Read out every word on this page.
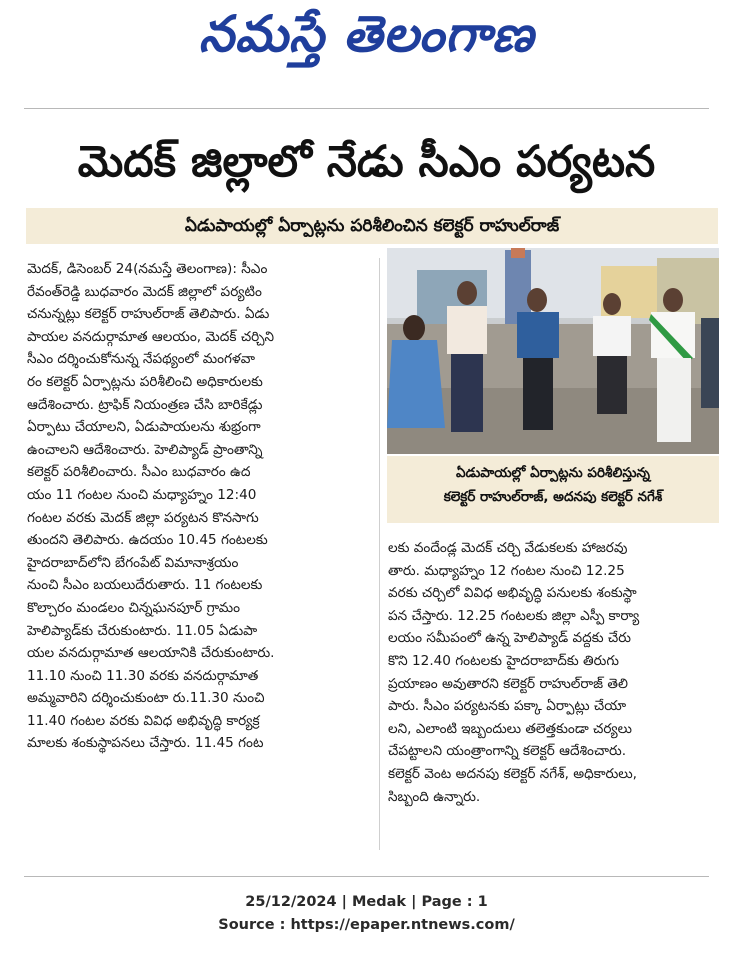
నమస్తే తెలంగాణ
మెదక్ జిల్లాలో నేడు సీఎం పర్యటన
ఏడుపాయల్లో ఏర్పాట్లను పరిశీలించిన కలెక్టర్ రాహుల్‌రాజ్
మెదక్, డిసెంబర్ 24(నమస్తే తెలంగాణ): సీఎం
రేవంత్‌రెడ్డి బుధవారం మెదక్ జిల్లాలో పర్యటిం
చనున్నట్లు కలెక్టర్ రాహుల్‌రాజ్ తెలిపారు. ఏడు
పాయల వనదుర్గామాత ఆలయం, మెదక్ చర్చిని
సీఎం దర్శించుకోనున్న నేపథ్యంలో మంగళవా
రం కలెక్టర్ ఏర్పాట్లను పరిశీలించి అధికారులకు
ఆదేశించారు. ట్రాఫిక్ నియంత్రణ చేసి బారికేడ్లు
ఏర్పాటు చేయాలని, ఏడుపాయలను శుభ్రంగా
ఉంచాలని ఆదేశించారు. హెలిప్యాడ్ ప్రాంతాన్ని
కలెక్టర్ పరిశీలించారు. సీఎం బుధవారం ఉద
యం 11 గంటల నుంచి మధ్యాహ్నం 12:40
గంటల వరకు మెదక్ జిల్లా పర్యటన కొనసాగు
తుందని తెలిపారు. ఉదయం 10.45 గంటలకు
హైదరాబాద్‌లోని బేగంపేట్ విమానాశ్రయం
నుంచి సీఎం బయలుదేరుతారు. 11 గంటలకు
కొల్చారం మండలం చిన్నఘనపూర్ గ్రామం
హెలిప్యాడ్‌కు చేరుకుంటారు. 11.05 ఏడుపా
యల వనదుర్గామాత ఆలయానికి చేరుకుంటారు.
11.10 నుంచి 11.30 వరకు వనదుర్గామాత
అమ్మవారిని దర్శించుకుంటా రు.11.30 నుంచి
11.40 గంటల వరకు వివిధ అభివృద్ధి కార్యక్ర
మాలకు శంకుస్థాపనలు చేస్తారు. 11.45 గంట
ఏడుపాయల్లో ఏర్పాట్లను పరిశీలిస్తున్న
కలెక్టర్ రాహుల్‌రాజ్, అదనపు కలెక్టర్ నగేశ్
లకు వందేండ్ల మెదక్ చర్చి వేడుకలకు హాజరవు
తారు. మధ్యాహ్నం 12 గంటల నుంచి 12.25
వరకు చర్చిలో వివిధ అభివృద్ధి పనులకు శంకుస్థా
పన చేస్తారు. 12.25 గంటలకు జిల్లా ఎస్పీ కార్యా
లయం సమీపంలో ఉన్న హెలిప్యాడ్ వద్దకు చేరు
కొని 12.40 గంటలకు హైదరాబాద్‌కు తిరుగు
ప్రయాణం అవుతారని కలెక్టర్ రాహుల్‌రాజ్ తెలి
పారు. సీఎం పర్యటనకు పక్కా ఏర్పాట్లు చేయా
లని, ఎలాంటి ఇబ్బందులు తలెత్తకుండా చర్యలు
చేపట్టాలని యంత్రాంగాన్ని కలెక్టర్ ఆదేశించారు.
కలెక్టర్ వెంట అదనపు కలెక్టర్ నగేశ్, అధికారులు,
సిబ్బంది ఉన్నారు.
25/12/2024 | Medak | Page : 1
Source : https://epaper.ntnews.com/
